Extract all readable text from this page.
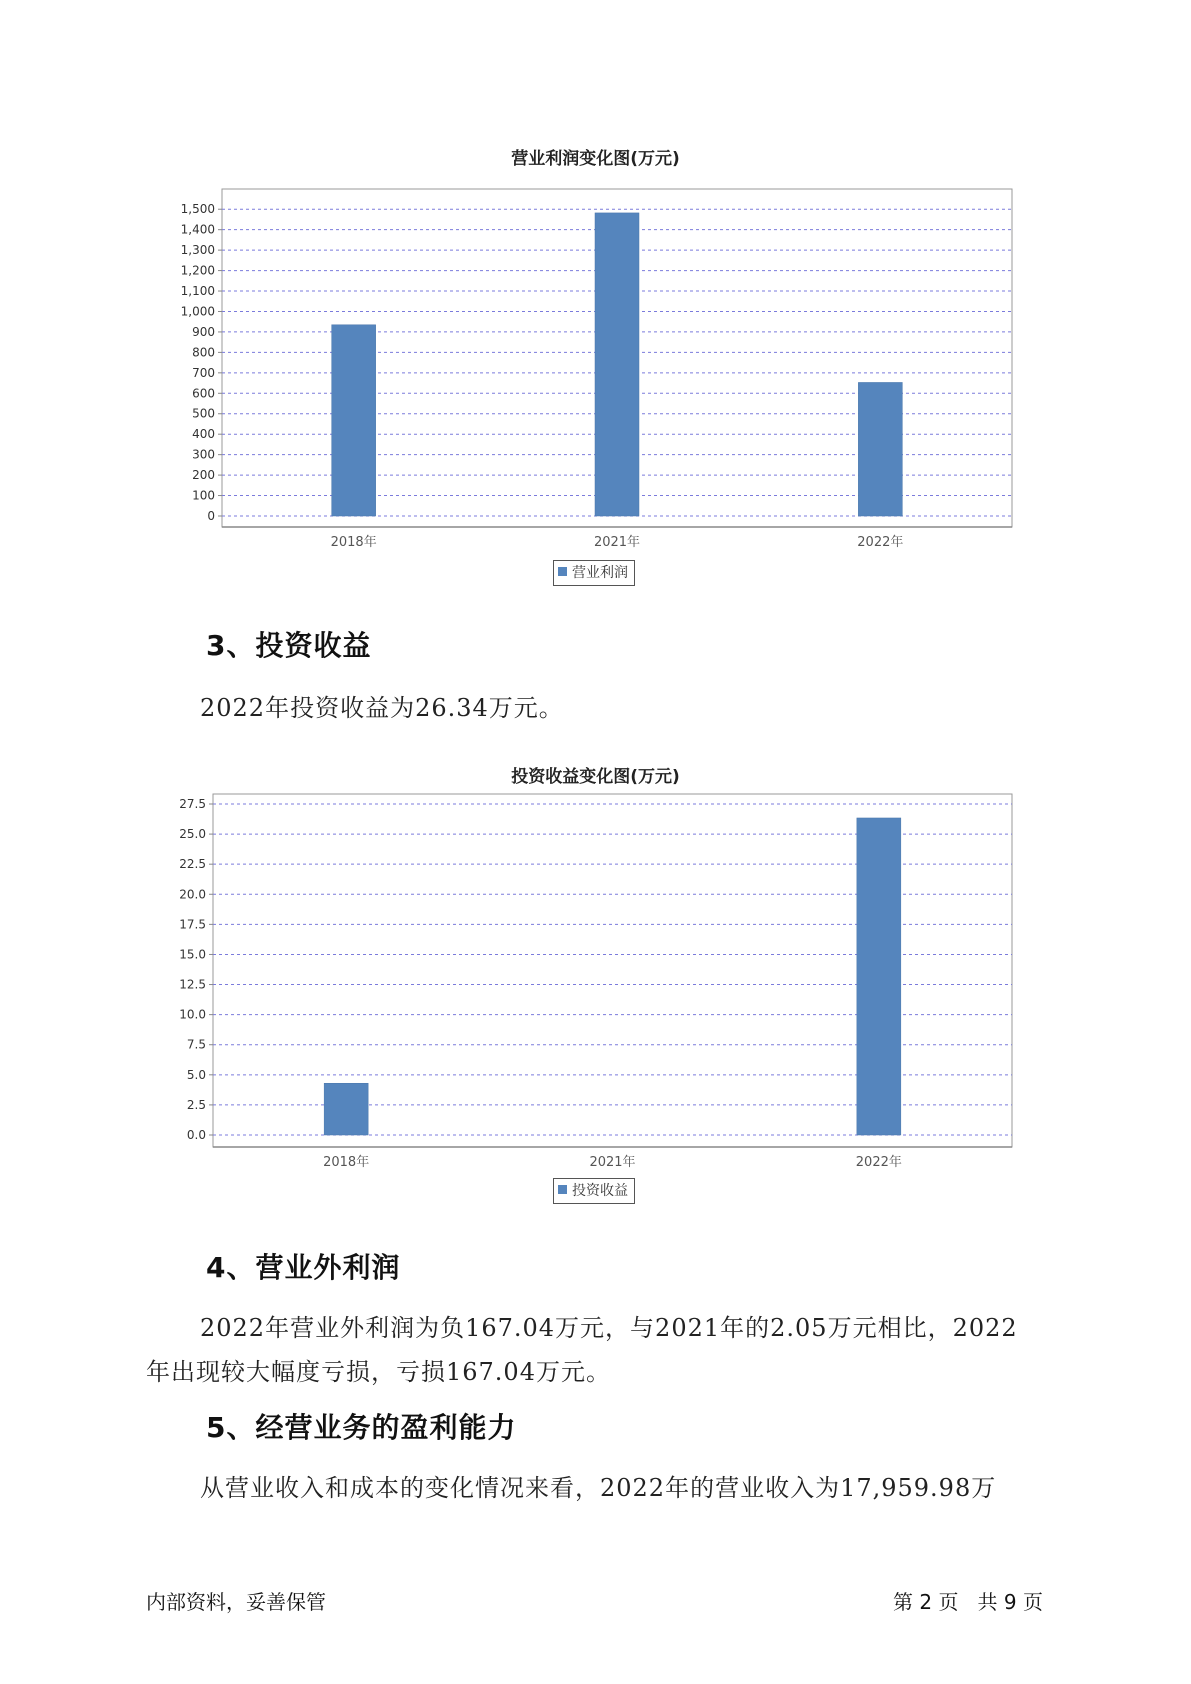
营业利润变化图(万元)
0
100
200
300
400
500
600
700
800
900
1,000
1,100
1,200
1,300
1,400
1,500
2018年	2021年	2022年
营业利润
3、投资收益
2022年投资收益为26.34万元。
投资收益变化图(万元)
0.0
2.5
5.0
7.5
10.0
12.5
15.0
17.5
20.0
22.5
25.0
27.5
2018年	2021年	2022年
投资收益
4、营业外利润
2022年营业外利润为负167.04万元，与2021年的2.05万元相比，2022
年出现较大幅度亏损，亏损167.04万元。
5、经营业务的盈利能力
从营业收入和成本的变化情况来看，2022年的营业收入为17,959.98万
内部资料，妥善保管	第 2 页   共 9 页
